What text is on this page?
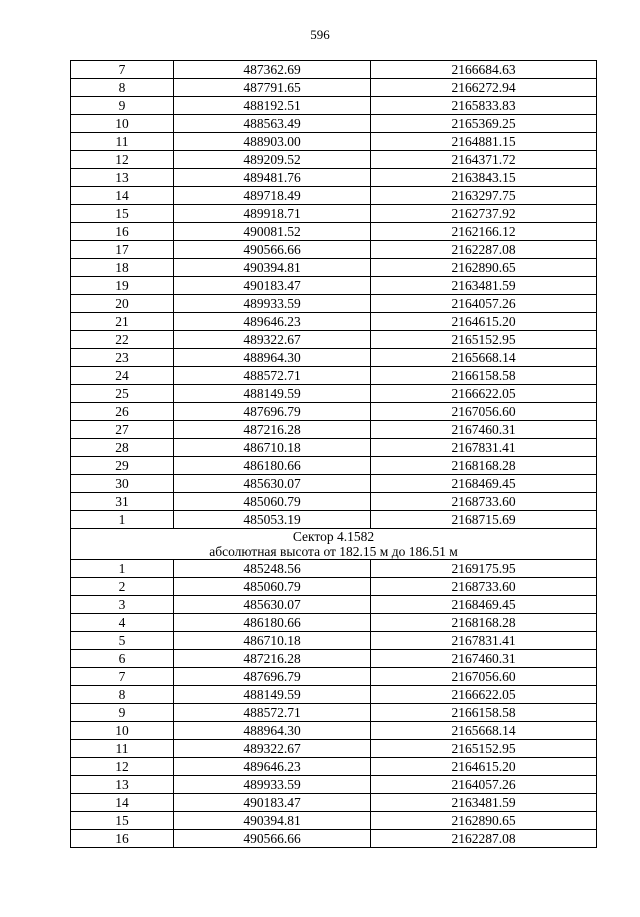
596
7	487362.69	2166684.63
8	487791.65	2166272.94
9	488192.51	2165833.83
10	488563.49	2165369.25
11	488903.00	2164881.15
12	489209.52	2164371.72
13	489481.76	2163843.15
14	489718.49	2163297.75
15	489918.71	2162737.92
16	490081.52	2162166.12
17	490566.66	2162287.08
18	490394.81	2162890.65
19	490183.47	2163481.59
20	489933.59	2164057.26
21	489646.23	2164615.20
22	489322.67	2165152.95
23	488964.30	2165668.14
24	488572.71	2166158.58
25	488149.59	2166622.05
26	487696.79	2167056.60
27	487216.28	2167460.31
28	486710.18	2167831.41
29	486180.66	2168168.28
30	485630.07	2168469.45
31	485060.79	2168733.60
1	485053.19	2168715.69

Сектор 4.1582
абсолютная высота от 182.15 м до 186.51 м		

1	485248.56	2169175.95
2	485060.79	2168733.60
3	485630.07	2168469.45
4	486180.66	2168168.28
5	486710.18	2167831.41
6	487216.28	2167460.31
7	487696.79	2167056.60
8	488149.59	2166622.05
9	488572.71	2166158.58
10	488964.30	2165668.14
11	489322.67	2165152.95
12	489646.23	2164615.20
13	489933.59	2164057.26
14	490183.47	2163481.59
15	490394.81	2162890.65
16	490566.66	2162287.08
